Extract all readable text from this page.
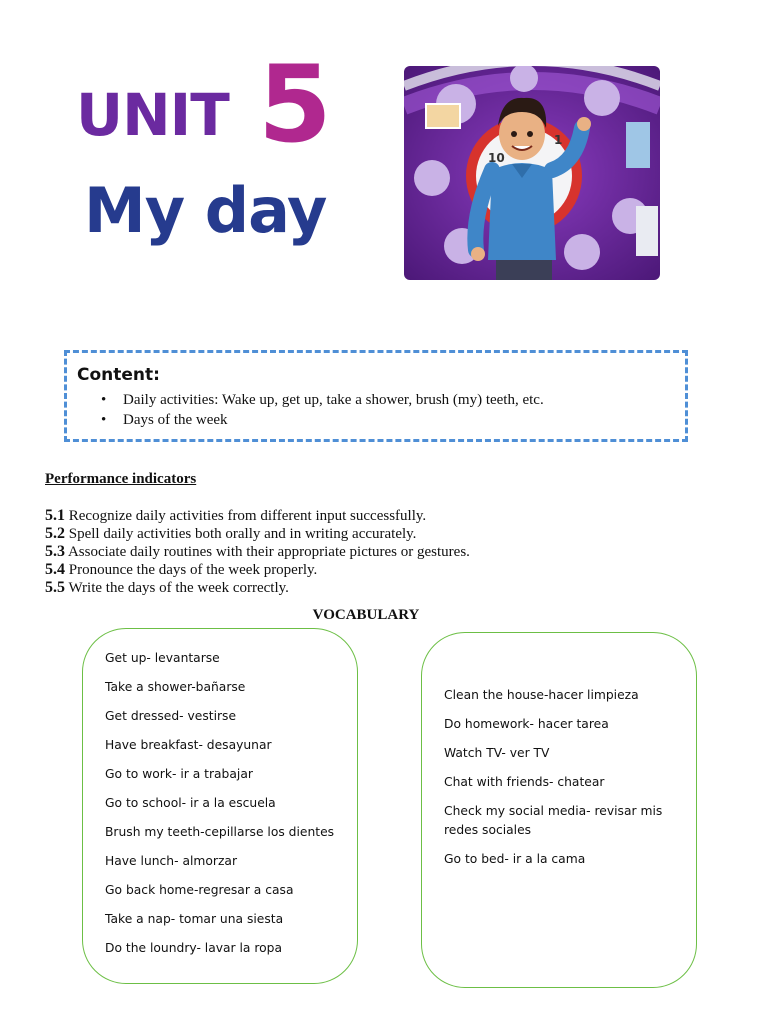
UNIT 5
My day
10
9
2
1
Content:
• Daily activities: Wake up, get up, take a shower, brush (my) teeth, etc.
• Days of the week
Performance indicators
5.1 Recognize daily activities from different input successfully.
5.2 Spell daily activities both orally and in writing accurately.
5.3 Associate daily routines with their appropriate pictures or gestures.
5.4 Pronounce the days of the week properly.
5.5 Write the days of the week correctly.
VOCABULARY
Get up- levantarse
Take a shower-bañarse
Get dressed- vestirse
Have breakfast- desayunar
Go to work- ir a trabajar
Go to school- ir a la escuela
Brush my teeth-cepillarse los dientes
Have lunch- almorzar
Go back home-regresar a casa
Take a nap- tomar una siesta
Do the loundry- lavar la ropa
Clean the house-hacer limpieza
Do homework- hacer tarea
Watch TV- ver TV
Chat with friends- chatear
Check my social media- revisar mis redes sociales
Go to bed- ir a la cama
